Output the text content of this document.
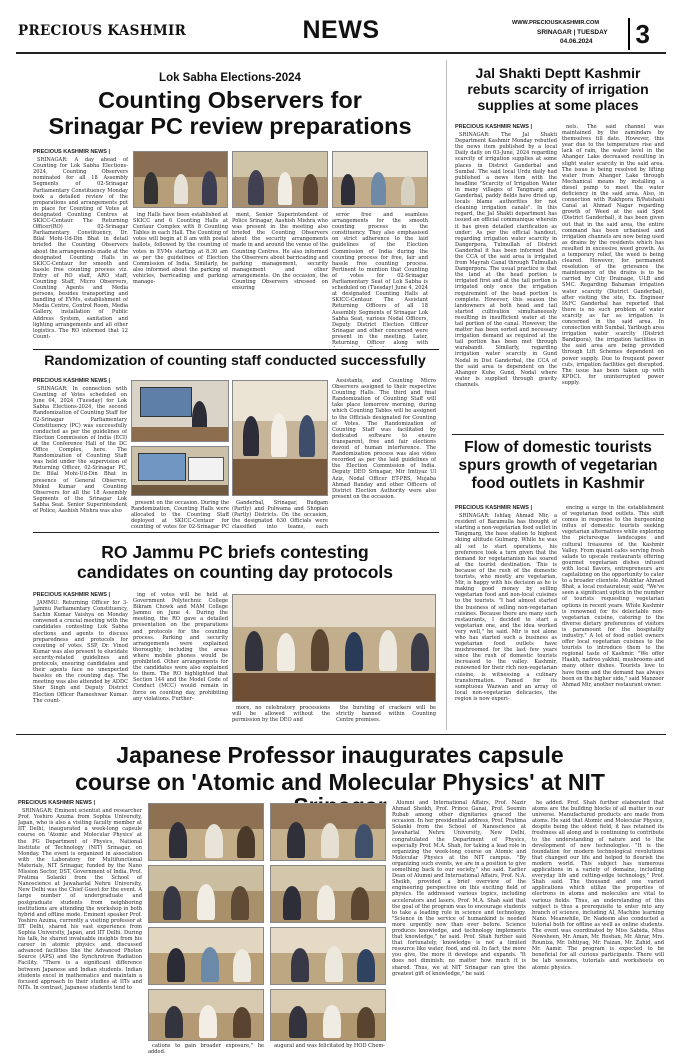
PRECIOUS KASHMIR	NEWS	WWW.PRECIOUSKASHMIR.COM
SRINAGAR | TUESDAY
04.06.2024 3
Lok Sabha Elections-2024
Counting Observers for
Srinagar PC review preparations
PRECIOUS KASHMIR NEWS |

SRINAGAR: A day ahead of Counting for Lok Sabha Elections-2024, Counting Observers nominated for all 18 Assembly Segments of 02-Srinagar Parliamentary Constituency Monday took a detailed review of the preparations and arrangements put in place for Counting of Votes at designated Counting Centres at SKICC-Centaur. The Returning Officer(RO) 02-Srinagar Parliamentary Constituency, Dr. Bilal Mohi-Ud-Din Bhat in detail briefed the Counting Observers about the arrangements made at the designated Counting Halls in SKICC-Centaur for smooth and hassle free counting process viz. Entry of RO staff, ARO staff, Counting Staff, Micro Observers, Counting Agents and Media persons, besides transporting and handling of EVMs, establishment of Media Centre, Control Room, Media Gallery, installation of Public Address System, sanitation and lighting arrangements and all other logistics. The RO informed that 12 Count-

ing Halls have been established at SKICC and 6 Counting Halls at Centaur Complex with 8 Counting Tables in each Hall. The Counting of votes will begin at 8 am with postal ballots, followed by the counting of votes in EVMs starting at 8.30 am as per the guidelines of Election Commission of India. Similarly, he also informed about the parking of vehicles, barricading and parking manage-

ment, Senior Superintendent of Police Srinagar, Aashish Mishra who was present in the meeting also briefed the Counting Observers about the security arrangements made in and around the venue of the Counting Centres. He also informed the Observers about barricading and parking management, security management and other arrangements. On the occasion, the Counting Observers stressed on ensuring

error free and seamless arrangements for the smooth counting process in the constituency. They also emphasised on strict adherence to the laid guidelines of the Election Commission of India during the counting process for free, fair and hassle free counting process. Pertinent to mention that Counting of votes for 02-Srinagar Parliamentary Seat of Lok Sabha is scheduled on (Tuesday) June 4, 2024 at designated Counting Halls at SKICC-Centaur. The Assistant Returning Officers of all 18 Assembly Segments of Srinagar Lok Sabha Seat, various Nodal Officers, Deputy District Election Officer Srinagar and other concerned were present in the meeting. Later, Returning Officer along with

Randomization of counting staff conducted successfully
PRECIOUS KASHMIR NEWS |

SRINAGAR: In connection with Counting of Votes scheduled on June 04, 2024 (Tuesday) for Lok Sabha Elections-2024, the second Randomization of Counting Staff for 02-Srinagar Parliamentary Constituency (PC) was successfully conducted as per the guidelines of Election Commission of India (ECI) at the Conference Hall of the DC Office Complex, here. The Randomization of Counting Staff was held under the supervision of Returning Officer, 02-Srinagar PC, Dr. Bilal Mohi-Ud-Din Bhat in presence of General Observer, Mukul Kumar and Counting Observers for all the 18 Assembly Segments of the Srinagar Lok Sabha Seat. Senior Superintendent of Police, Aashish Mishra was also

present on the occasion. During the Randomization, Counting Halls were allocated to the Counting Staff deployed at SKICC-Centaur for counting of votes for 02-Srinagar PC

Ganderbal, Srinagar, Budgam (Partly) and Pulwama and Shopian (Partly) Districts. On the occasion, the designated 630 Officials were classified into teams, each

Assistants, and Counting Micro Observers assigned to their respective Counting Halls. The third and final Randomization of Counting Staff will take place tomorrow morning, during which Counting Tables will be assigned to the Officials designated for Counting of Votes. The Randomization of Counting Staff was facilitated by dedicated software to ensure transparent, free and fair elections devoid of human interference. The Randomization process was also video recorded as per the laid guidelines of the Election Commission of India. Deputy DEO Srinagar, Mir Imtiyaz Ul Aziz, Nodal Officer ET-PBS, Mujaba Ahmad Banday and other Officers of District Election Authority were also present on the occasion.

RO Jammu PC briefs contesting
candidates on counting day protocols
PRECIOUS KASHMIR NEWS |

JAMMU: Returning Officer for 3-Jammu Parliamentary Constituency, Sachin Kumar Vaishya on Monday convened a crucial meeting with the candidates contesting Lok Sabha elections and agents to discuss preparedness and protocols for counting of votes. SSP, Dr. Vinod Kumar was also present to elucidate security-related guidelines and protocols, ensuring candidates and their agents face no unexpected hassles on the counting day. The meeting was also attended by ADDC Sher Singh and Deputy District Election Officer Rameshwar Kumar. The count-

ing of votes will be held at Government Polytechnic College Bikram Chowk and MAM College Jammu on June 4. During the meeting, the RO gave a detailed presentation on the preparations and protocols for the counting process. Parking and security arrangements were explained thoroughly, including the areas where mobile phones would be prohibited. Other arrangements for the candidates were also explained to them. The RO highlighted that Section 144 and the Model Code of Conduct (MCC) would remain in force on counting day, prohibiting any violations. Further-

more, no celebratory processions will be allowed without the permission by the DEO and

the bursting of crackers will be strictly banned within Counting Centre premises.

Jal Shakti Deptt Kashmir
rebuts scarcity of irrigation
supplies at some places
PRECIOUS KASHMIR NEWS |

SRINAGAR: The Jal Shakti Department Kashmir Monday rebutted the news item published by a local Daily daily on 03-June, 2024 regarding scarcity of irrigation supplies at some places in District Ganderbal and Sumbal. The said local Urdu daily had published a news item with the headline "Scarcity of Irrigation Water in many villages of Tangmarg and Ganderbal, paddy fields have dried up, locals blame authorities for not cleaning irrigation canals". In this regard, the Jal Shakti department has issued an official communique wherein it has given detailed clarification as under: As per the official handout, regarding irrigation water scarcity in Dangerpora, Tulmullah of District Ganderbal it has been informed that the CCA of the said area is irrigated from Mayrah Canal through Tulmullah Dangerpora. The usual practice is that the land at the head portion is irrigated first and at the tail portion is irrigated only once the irrigation requirement of the head portion is complete. However, this season the landowners at both head and tail started cultivation simultaneously resulting in insufficient water at the tail portion of the canal. However, the matter has been sorted and necessary irrigation demand as required at the tail portion has been met through warabandi. Similarly, regarding irrigation water scarcity in Gund Nodal in Dist Ganderbal, the CCA of the said area is dependent on the Ahanger Kuhe Gund, Nodal where water is supplied through gravity channels.

nels. The said channel was maintained by the zamindars by themselves till date. However, this year due to the temperature rise and lack of rain, the water level in the Ahanger Lake decreased resulting in slight water scarcity in the said area. The issue is being resolved by lifting water from Ahanger Lake through Mechanical means by installing a diesel pump to meet the water deficiency in the said area. Also, in connection with Rakhpora B/Patshahi Canal at Ahmad Nagar regarding growth of Weed at the said Spot (District Ganderbal), it has been given out that in the said area, the entire command has been urbanised and irrigation channels are now being used as drains by the residents which has resulted in excessive weed growth. As a temporary relief, the weed is being cleared. However, for permanent resolution of the grievance the maintenance of the drains is to be carried by City Drainage, ULB and SMC. Regarding Bahaman irrigation water scarcity (District Ganderbal), after visiting the site, Ex. Engineer I&FC Ganderbal has reported that there is no such problem of water scarcity as far as irrigation is concerned in the said area. In connection with Sumbal, Yaribugh area irrigation water scarcity (District Bandipora), the irrigation facilities in the said area are being provided through Lift Schemes dependent on power supply. Due to frequent power cuts, irrigation facilities get disrupted. The issue has been taken up with KPDCL for uninterrupted power supply.

Flow of domestic tourists
spurs growth of vegetarian
food outlets in Kashmir
PRECIOUS KASHMIR NEWS |

SRINAGAR: Ishfaq Ahmad Mir, a resident of Baramulla has thought of starting a non-vegetarian food outlet in Tangmarg, the base station to highest skiing altitude Gulmarg. While he was all set to start operations, his preference took a turn given that the demand for vegetarianism has soared at the tourist destination. This is because of the rush of the domestic tourists, who mostly are vegetarian. Mir, is happy with his decision as he is making good money by selling vegetarian food and non-local cuisines to the tourists. "I had almost started the business of selling non-vegetarian cuisines. Because there are many such restaurants, I decided to start a vegetarian one, and the idea worked very well," he said. Mir is not alone who has started such a business as vegetarian food outlets have mushroomed for the last few years since the rush of domestic tourists increased to the valley. Kashmir, renowned for their rich non-vegetarian cuisine, is witnessing a culinary transformation. Famed for its sumptuous Wazwan and an array of local non-vegetarian delicacies, the region is now experi-

encing a surge in the establishment of vegetarian food outlets. This shift comes in response to the burgeoning influx of domestic tourists seeking vegetarian alternatives while exploring the picturesque landscapes and cultural treasures of the Kashmir Valley. From quaint cafes serving fresh salads to upscale restaurants offering gourmet vegetarian dishes infused with local flavors, entrepreneurs are capitalizing on the opportunity to cater to a broader clientele. Mukhtar Ahmad Bhat, a local restaurateur, said, "We've seen a significant uptick in the number of tourists requesting vegetarian options in recent years. While Kashmir is renowned for its delectable non-vegetarian cuisine, catering to the diverse dietary preferences of visitors is paramount for the hospitality industry." A lot of food outlet owners offer local vegetarian cuisines to the tourists to introduce them to the regional taste of Kashmir. "We offer Haakh, nadroo yakhni, mushrooms and many other dishes. Tourists love to have them and the demand has always been on the higher side," said Manzoor Ahmad Mir, another restaurant owner.

Japanese Professor inaugurates capsule
course on 'Atomic and Molecular Physics' at NIT
PRECIOUS KASHMIR NEWS |

SRINAGAR: Eminent scientist and researcher Prof. Yoshiro Azuma from Sophia University, Japan, who is also a visiting faculty member at IIT Delhi, inaugurated a week-long capsule course on 'Atomic and Molecular Physics' at the PG Department of Physics, National Institute of Technology (NIT) Srinagar, on Monday. The event is organized in association with the Laboratory for Multifunctional Materials, NIT Srinagar, funded by the Nano Mission Sector, DST, Government of India. Prof. Pratima Solanki from the School of Nanoscience at Jawaharlal Nehru University, New Delhi was the Chief Guest for the event. A large number of undergraduate and postgraduate students from neighboring institutions are attending the workshop in both hybrid and offline mode. Eminent speaker Prof. Yoshiro Azuma, currently a visiting professor at IIT Delhi, shared his vast experience from Sophia University, Japan, and IIT Delhi. During his talk, he shared invaluable insights from his career in atomic physics and discussed advanced facilities like the Advanced Photon Source (APS) and the Synchrotron Radiation Facility. "There is a significant difference between Japanese and Indian students. Indian students excel in mathematics and maintain a focused approach to their studies at IITs and NITs. In contrast, Japanese students tend to

cations to gain broader exposure," he added.

augural and was felicitated by HOD Chem-

Alumni and International Affairs, Prof. Nazir Ahmad Sheikh, Prof. Prince Ganai, Prof. Seemin Rubab among other dignitaries graced the occasion. In her presidential address, Prof. Pratima Solanki from the School of Nanoscience at Jawaharlal Nehru University, New Delhi, congratulated the Department of Physics, especially Prof. M.A. Shah, for taking a lead role in organizing the week-long course on Atomic and Molecular Physics at the NIT campus. "By organizing such events, we are in a position to give something back to our society," she said. Earlier Dean of Alumni and International Affairs, Prof. N.A. Sheikh, provided a brief overview of the engineering perspective on this exciting field of physics. He addressed various topics, including accelerators and lasers. Prof. M.A. Shah said that the goal of the program was to encourage students to take a leading role in science and technology. "Science in the service of humankind is needed more urgently now than ever before. Science produces knowledge, and technology implements that knowledge," he said. Prof. Shah further said that fortunately, knowledge is not a limited resource like water, food, and oil. In fact, the more you give, the more it develops and expands. "It does not diminish; no matter how much it is shared. Thus, we at NIT Srinagar can give the greatest gift of knowledge," he said.

he added. Prof. Shah further elaborated that atoms are the building blocks of all matter in our universe. Manufactured products are made from atoms. He said that Atomic and Molecular Physics, despite being the oldest field, it has retained its freshness all along and is continuing to contribute to the understanding of nature and to the development of new technologies. "It is the foundation for modern technological revolutions that changed our life and helped to flourish the modern world. This subject has numerous applications in a variety of domains, including everyday life and cutting-edge technology," Prof. Shah said. The thousand and one varied applications which utilize the properties of electrons in atoms and molecules are vital to various fields. Thus, an understanding of this subject is thus a prerequisite to enter into any branch of science, including AI, Machine learning Nano. Meanwhile, Dr. Nadeem also conducted a tutorial both for offline as well as online students. The event was coordinated by Miss Sabida, Miss Nowsheen, Mr. Aman, Mr. Roshan, Mr. Abrar, Mrs. Rouniza, Mr. Ishtiyaq, Mr. Faizan, Mr. Zahid, and Mr. Aamir. The program is expected to be beneficial for all curious participants. There will be lab sessions, tutorials and worksheets on atomic physics.
